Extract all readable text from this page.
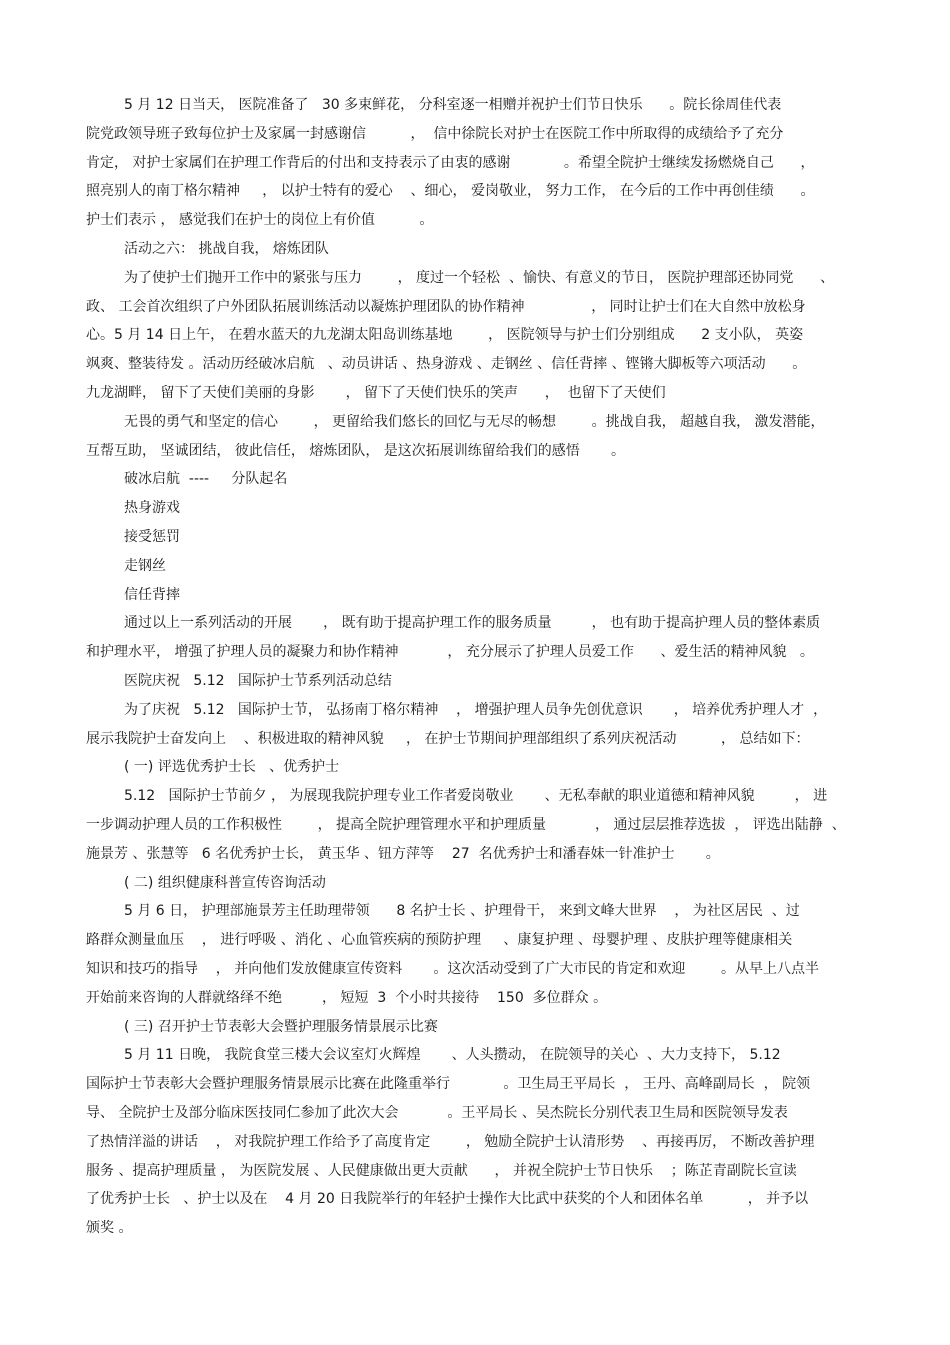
5 月 12 日当天， 医院准备了   30 多束鲜花， 分科室逐一相赠并祝护士们节日快乐      。院长徐周佳代表
院党政领导班子致每位护士及家属一封感谢信          ，  信中徐院长对护士在医院工作中所取得的成绩给予了充分
肯定， 对护士家属们在护理工作背后的付出和支持表示了由衷的感谢            。希望全院护士继续发扬燃烧自己      ，
照亮别人的南丁格尔精神     ， 以护士特有的爱心    、细心， 爱岗敬业， 努力工作， 在今后的工作中再创佳绩      。
护士们表示 ， 感觉我们在护士的岗位上有价值          。
活动之六： 挑战自我， 熔炼团队
为了使护士们抛开工作中的紧张与压力        ， 度过一个轻松  、愉快、有意义的节日， 医院护理部还协同党      、
政、 工会首次组织了户外团队拓展训练活动以凝炼护理团队的协作精神               ， 同时让护士们在大自然中放松身
心。5 月 14 日上午， 在碧水蓝天的九龙湖太阳岛训练基地        ， 医院领导与护士们分别组成      2 支小队， 英姿
飒爽、整装待发 。活动历经破冰启航   、动员讲话 、热身游戏 、走钢丝 、信任背摔 、铿锵大脚板等六项活动      。
九龙湖畔， 留下了天使们美丽的身影       ， 留下了天使们快乐的笑声      ，  也留下了天使们
无畏的勇气和坚定的信心        ， 更留给我们悠长的回忆与无尽的畅想        。挑战自我， 超越自我， 激发潜能，
互帮互助， 坚诚团结， 彼此信任， 熔炼团队， 是这次拓展训练留给我们的感悟       。
破冰启航  ----     分队起名
热身游戏
接受惩罚
走钢丝
信任背摔
通过以上一系列活动的开展       ， 既有助于提高护理工作的服务质量         ， 也有助于提高护理人员的整体素质
和护理水平， 增强了护理人员的凝聚力和协作精神           ， 充分展示了护理人员爱工作      、爱生活的精神风貌   。
医院庆祝   5.12   国际护士节系列活动总结
为了庆祝   5.12   国际护士节， 弘扬南丁格尔精神    ， 增强护理人员争先创优意识       ， 培养优秀护理人才  ，
展示我院护士奋发向上    、积极进取的精神风貌     ， 在护士节期间护理部组织了系列庆祝活动          ， 总结如下：
( 一) 评选优秀护士长   、优秀护士
5.12   国际护士节前夕 ， 为展现我院护理专业工作者爱岗敬业       、无私奉献的职业道德和精神风貌         ， 进
一步调动护理人员的工作积极性        ， 提高全院护理管理水平和护理质量           ， 通过层层推荐选拔  ， 评选出陆静  、
施景芳 、张慧等   6 名优秀护士长， 黄玉华 、钮方萍等    27  名优秀护士和潘春妹一针准护士       。
( 二) 组织健康科普宣传咨询活动
5 月 6 日， 护理部施景芳主任助理带领      8 名护士长 、护理骨干， 来到文峰大世界    ， 为社区居民  、过
路群众测量血压    ， 进行呼吸 、消化 、心血管疾病的预防护理     、康复护理 、母婴护理 、皮肤护理等健康相关
知识和技巧的指导    ， 并向他们发放健康宣传资料       。这次活动受到了广大市民的肯定和欢迎        。从早上八点半
开始前来咨询的人群就络绎不绝         ， 短短  3  个小时共接待    150  多位群众 。
( 三) 召开护士节表彰大会暨护理服务情景展示比赛
5 月 11 日晚， 我院食堂三楼大会议室灯火辉煌       、人头攒动， 在院领导的关心  、大力支持下， 5.12
国际护士节表彰大会暨护理服务情景展示比赛在此隆重举行            。卫生局王平局长  ， 王丹、高峰副局长  ， 院领
导、 全院护士及部分临床医技同仁参加了此次大会           。王平局长 、吴杰院长分别代表卫生局和医院领导发表
了热情洋溢的讲话    ， 对我院护理工作给予了高度肯定        ， 勉励全院护士认清形势    、再接再厉， 不断改善护理
服务 、提高护理质量 ， 为医院发展 、人民健康做出更大贡献      ， 并祝全院护士节日快乐    ；陈芷青副院长宣读
了优秀护士长   、护士以及在    4 月 20 日我院举行的年轻护士操作大比武中获奖的个人和团体名单          ， 并予以
颁奖 。
